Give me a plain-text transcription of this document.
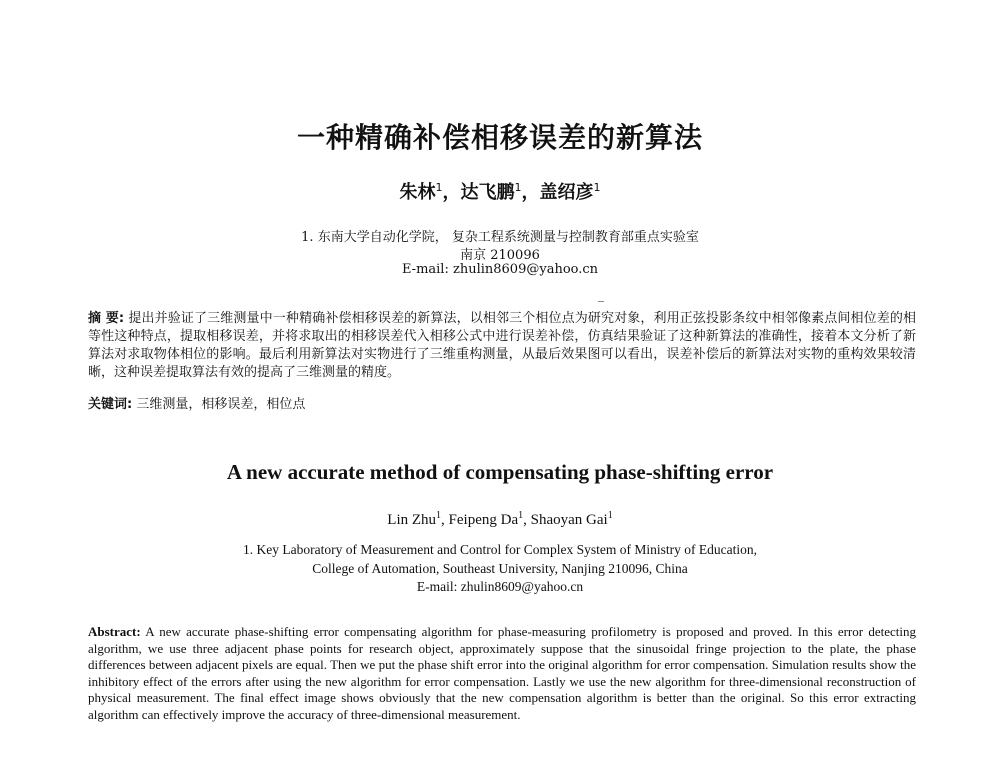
一种精确补偿相移误差的新算法
朱林$^1$，达飞鹏$^1$，盖绍彦$^1$
1. 东南大学自动化学院， 复杂工程系统测量与控制教育部重点实验室
南京 210096
E-mail: zhulin8609@yahoo.cn
摘 要: 提出并验证了三维测量中一种精确补偿相移误差的新算法，以相邻三个相位点为研究对象，利用正弦投影条纹中相邻像素点间相位差的相等性这种特点，提取相移误差，并将求取出的相移误差代入相移公式中进行误差补偿，仿真结果验证了这种新算法的准确性，接着本文分析了新算法对求取物体相位的影响。最后利用新算法对实物进行了三维重构测量，从最后效果图可以看出，误差补偿后的新算法对实物的重构效果较清晰，这种误差提取算法有效的提高了三维测量的精度。
关键词: 三维测量，相移误差，相位点
A new accurate method of compensating phase-shifting error
Lin Zhu$^1$, Feipeng Da$^1$, Shaoyan Gai$^1$
1. Key Laboratory of Measurement and Control for Complex System of Ministry of Education,
College of Automation, Southeast University, Nanjing 210096, China
E-mail: zhulin8609@yahoo.cn
Abstract: A new accurate phase-shifting error compensating algorithm for phase-measuring profilometry is proposed and proved. In this error detecting algorithm, we use three adjacent phase points for research object, approximately suppose that the sinusoidal fringe projection to the plate, the phase differences between adjacent pixels are equal. Then we put the phase shift error into the original algorithm for error compensation. Simulation results show the inhibitory effect of the errors after using the new algorithm for error compensation. Lastly we use the new algorithm for three-dimensional reconstruction of physical measurement. The final effect image shows obviously that the new compensation algorithm is better than the original. So this error extracting algorithm can effectively improve the accuracy of three-dimensional measurement.
